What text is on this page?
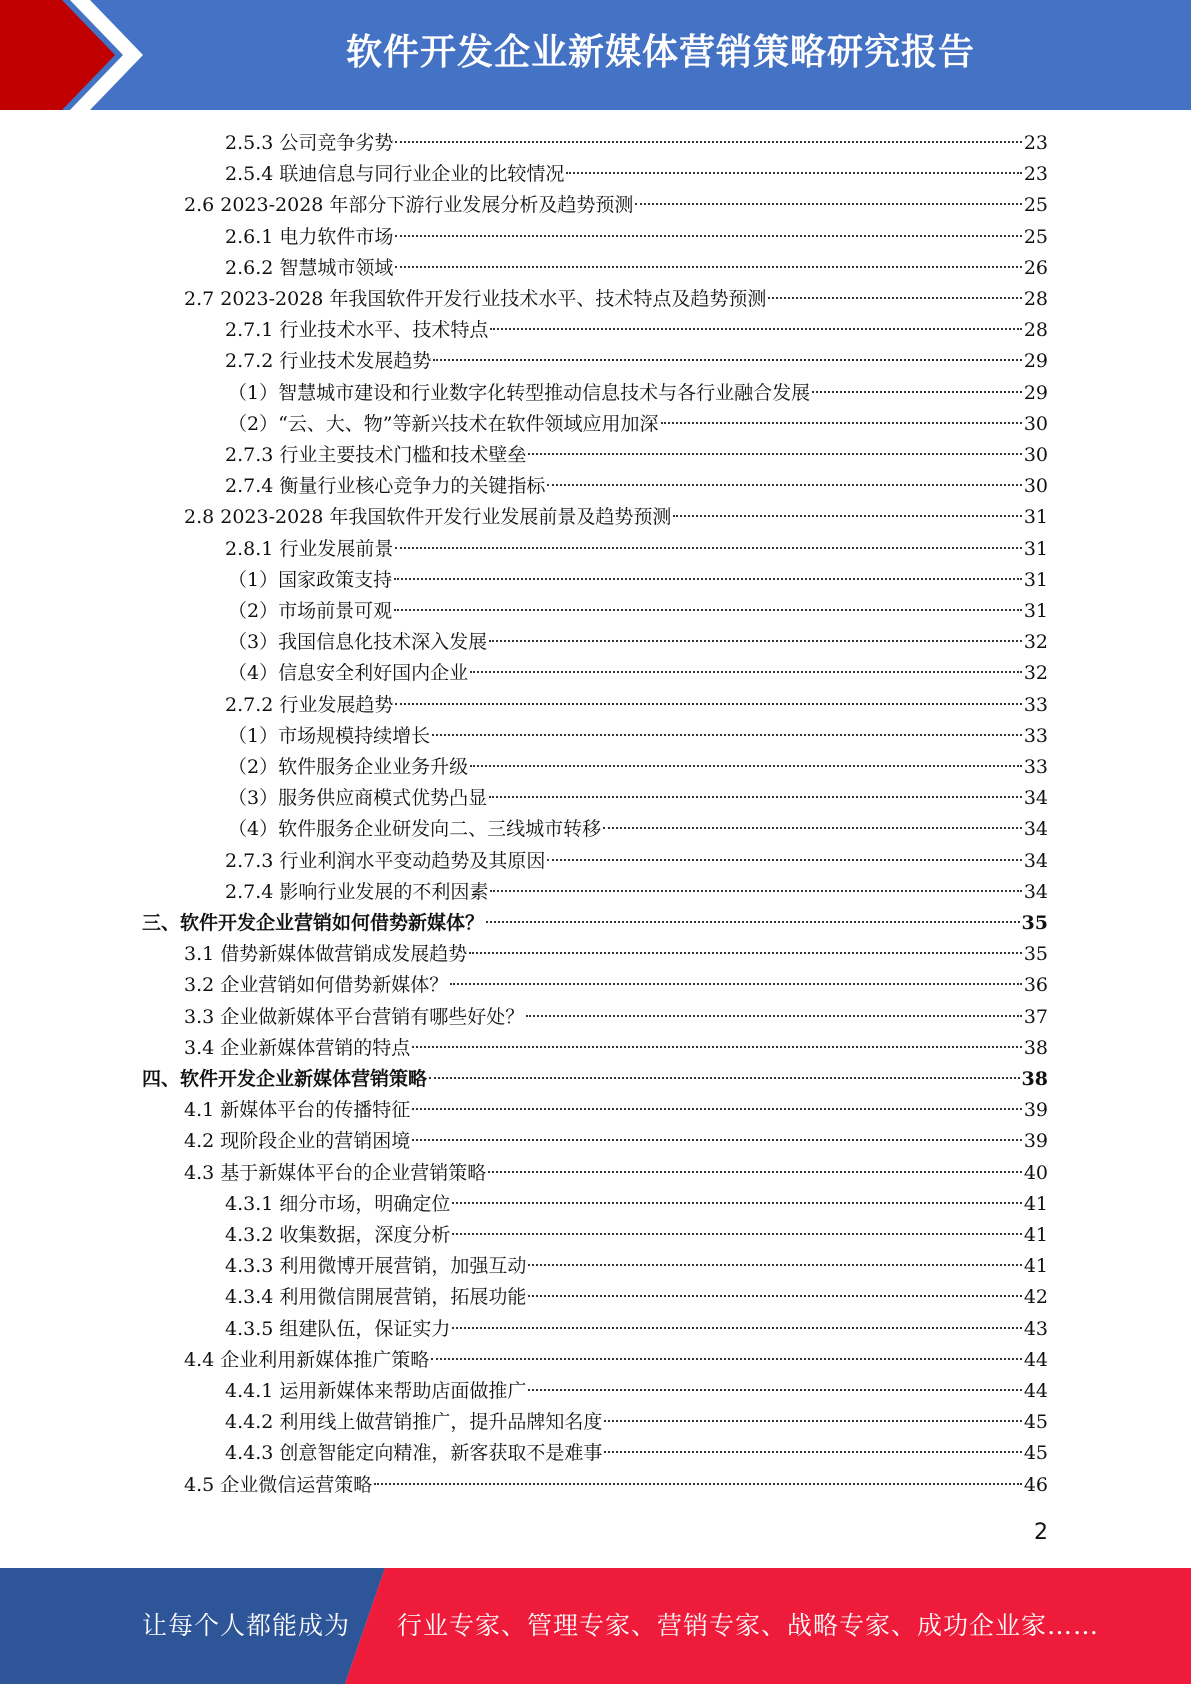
软件开发企业新媒体营销策略研究报告
2.5.3 公司竞争劣势	23
2.5.4 联迪信息与同行业企业的比较情况	23
2.6 2023-2028 年部分下游行业发展分析及趋势预测	25
2.6.1 电力软件市场	25
2.6.2 智慧城市领域	26
2.7 2023-2028 年我国软件开发行业技术水平、技术特点及趋势预测	28
2.7.1 行业技术水平、技术特点	28
2.7.2 行业技术发展趋势	29
（1）智慧城市建设和行业数字化转型推动信息技术与各行业融合发展	29
（2）“云、大、物”等新兴技术在软件领域应用加深	30
2.7.3 行业主要技术门槛和技术壁垒	30
2.7.4 衡量行业核心竞争力的关键指标	30
2.8 2023-2028 年我国软件开发行业发展前景及趋势预测	31
2.8.1 行业发展前景	31
（1）国家政策支持	31
（2）市场前景可观	31
（3）我国信息化技术深入发展	32
（4）信息安全利好国内企业	32
2.7.2 行业发展趋势	33
（1）市场规模持续增长	33
（2）软件服务企业业务升级	33
（3）服务供应商模式优势凸显	34
（4）软件服务企业研发向二、三线城市转移	34
2.7.3 行业利润水平变动趋势及其原因	34
2.7.4 影响行业发展的不利因素	34
三、软件开发企业营销如何借势新媒体？	35
3.1 借势新媒体做营销成发展趋势	35
3.2 企业营销如何借势新媒体？	36
3.3 企业做新媒体平台营销有哪些好处？	37
3.4 企业新媒体营销的特点	38
四、软件开发企业新媒体营销策略	38
4.1 新媒体平台的传播特征	39
4.2 现阶段企业的营销困境	39
4.3 基于新媒体平台的企业营销策略	40
4.3.1 细分市场，明确定位	41
4.3.2 收集数据，深度分析	41
4.3.3 利用微博开展营销，加强互动	41
4.3.4 利用微信開展营销，拓展功能	42
4.3.5 组建队伍，保证实力	43
4.4 企业利用新媒体推广策略	44
4.4.1 运用新媒体来帮助店面做推广	44
4.4.2 利用线上做营销推广，提升品牌知名度	45
4.4.3 创意智能定向精准，新客获取不是难事	45
4.5 企业微信运营策略	46
2
让每个人都能成为 行业专家、管理专家、营销专家、战略专家、成功企业家……
